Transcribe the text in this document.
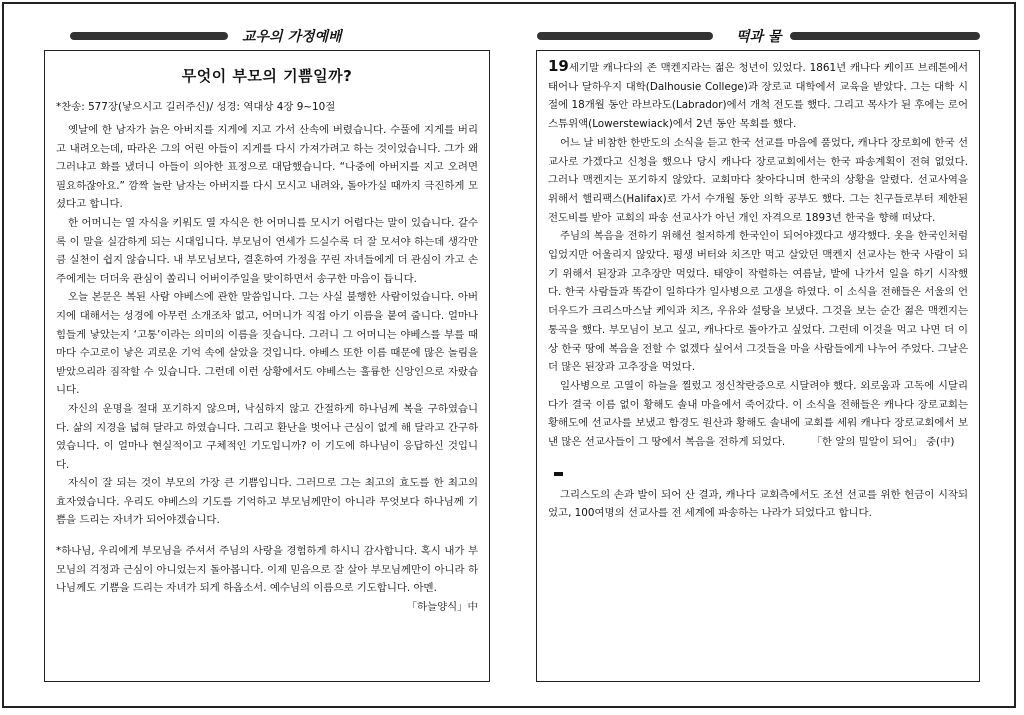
교우의 가정예배	떡과 물
무엇이 부모의 기쁨일까?
*찬송: 577장(낳으시고 길러주신)/ 성경: 역대상 4장 9~10절

옛날에 한 남자가 늙은 아버지를 지게에 지고 가서 산속에 버렸습니다. 수풀에 지게를 버리고 내려오는데, 따라온 그의 어린 아들이 지게를 다시 가져가려고 하는 것이었습니다. 그가 왜 그러냐고 화를 냈더니 아들이 의아한 표정으로 대답했습니다. “나중에 아버지를 지고 오려면 필요하잖아요.” 깜짝 놀란 남자는 아버지를 다시 모시고 내려와, 돌아가실 때까지 극진하게 모셨다고 합니다.

한 어머니는 열 자식을 키워도 열 자식은 한 어머니를 모시기 어렵다는 말이 있습니다. 갈수록 이 말을 실감하게 되는 시대입니다. 부모님이 연세가 드실수록 더 잘 모셔야 하는데 생각만큼 실천이 쉽지 않습니다. 내 부모님보다, 결혼하여 가정을 꾸린 자녀들에게 더 관심이 가고 손주에게는 더더욱 관심이 쏠리니 어버이주일을 맞이하면서 송구한 마음이 듭니다.

오늘 본문은 복된 사람 야베스에 관한 말씀입니다. 그는 사실 불행한 사람이었습니다. 아버지에 대해서는 성경에 아무런 소개조차 없고, 어머니가 직접 아기 이름을 붙여 줍니다. 얼마나 힘들게 낳았는지 ‘고통’이라는 의미의 이름을 짓습니다. 그러니 그 어머니는 야베스를 부를 때마다 수고로이 낳은 괴로운 기억 속에 살았을 것입니다. 야베스 또한 이름 때문에 많은 놀림을 받았으리라 짐작할 수 있습니다. 그런데 이런 상황에서도 야베스는 훌륭한 신앙인으로 자랐습니다.

자신의 운명을 절대 포기하지 않으며, 낙심하지 않고 간절하게 하나님께 복을 구하였습니다. 삶의 지경을 넓혀 달라고 하였습니다. 그리고 환난을 벗어나 근심이 없게 해 달라고 간구하였습니다. 이 얼마나 현실적이고 구체적인 기도입니까? 이 기도에 하나님이 응답하신 것입니다.

자식이 잘 되는 것이 부모의 가장 큰 기쁨입니다. 그러므로 그는 최고의 효도를 한 최고의 효자였습니다. 우리도 야베스의 기도를 기억하고 부모님께만이 아니라 무엇보다 하나님께 기쁨을 드리는 자녀가 되어야겠습니다.

*하나님, 우리에게 부모님을 주셔서 주님의 사랑을 경험하게 하시니 감사합니다. 혹시 내가 부모님의 걱정과 근심이 아니었는지 돌아봅니다. 이제 믿음으로 잘 살아 부모님께만이 아니라 하나님께도 기쁨을 드리는 자녀가 되게 하옵소서. 예수님의 이름으로 기도합니다. 아멘.
「하늘양식」中

19세기말 캐나다의 존 맥켄지라는 젊은 청년이 있었다. 1861년 캐나다 케이프 브레톤에서 태어나 달하우지 대학(Dalhousie College)과 장로교 대학에서 교육을 받았다. 그는 대학 시절에 18개월 동안 라브라도(Labrador)에서 개척 전도를 했다. 그리고 목사가 된 후에는 로어스튜위액(Lowerstewiack)에서 2년 동안 목회를 했다.

어느 날 비참한 한반도의 소식을 듣고 한국 선교를 마음에 품었다, 캐나다 장로회에 한국 선교사로 가겠다고 신청을 했으나 당시 캐나다 장로교회에서는 한국 파송계획이 전혀 없었다. 그러나 맥켄지는 포기하지 않았다. 교회마다 찾아다니며 한국의 상황을 알렸다. 선교사역을 위해서 핼리팩스(Halifax)로 가서 수개월 동안 의학 공부도 했다. 그는 친구들로부터 제한된 전도비를 받아 교회의 파송 선교사가 아닌 개인 자격으로 1893년 한국을 향해 떠났다.

주님의 복음을 전하기 위해선 철저하게 한국인이 되어야겠다고 생각했다. 옷을 한국인처럼 입었지만 어울리지 않았다. 평생 버터와 치즈만 먹고 살았던 맥켄지 선교사는 한국 사람이 되기 위해서 된장과 고추장만 먹었다. 태양이 작렬하는 여름날, 밭에 나가서 일을 하기 시작했다. 한국 사람들과 똑같이 일하다가 일사병으로 고생을 하였다. 이 소식을 전해들은 서울의 언더우드가 크리스마스날 케익과 치즈, 우유와 설탕을 보냈다. 그것을 보는 순간 젊은 맥켄지는 통곡을 했다. 부모님이 보고 싶고, 캐나다로 돌아가고 싶었다. 그런데 이것을 먹고 나면 더 이상 한국 땅에 복음을 전할 수 없겠다 싶어서 그것들을 마을 사람들에게 나누어 주었다. 그날은 더 많은 된장과 고추장을 먹었다.

일사병으로 고열이 하늘을 찔렀고 정신착란증으로 시달려야 했다. 외로움과 고독에 시달리다가 결국 이름 없이 황해도 솔내 마을에서 죽어갔다. 이 소식을 전해들은 캐나다 장로교회는 황해도에 선교사를 보냈고 함경도 원산과 황해도 솔내에 교회를 세워 캐나다 장로교회에서 보낸 많은 선교사들이 그 땅에서 복음을 전하게 되었다.	「한 알의 밀알이 되어」 중(中)

그리스도의 손과 발이 되어 산 결과, 캐나다 교회측에서도 조선 선교를 위한 헌금이 시작되었고, 100여명의 선교사를 전 세계에 파송하는 나라가 되었다고 합니다.
